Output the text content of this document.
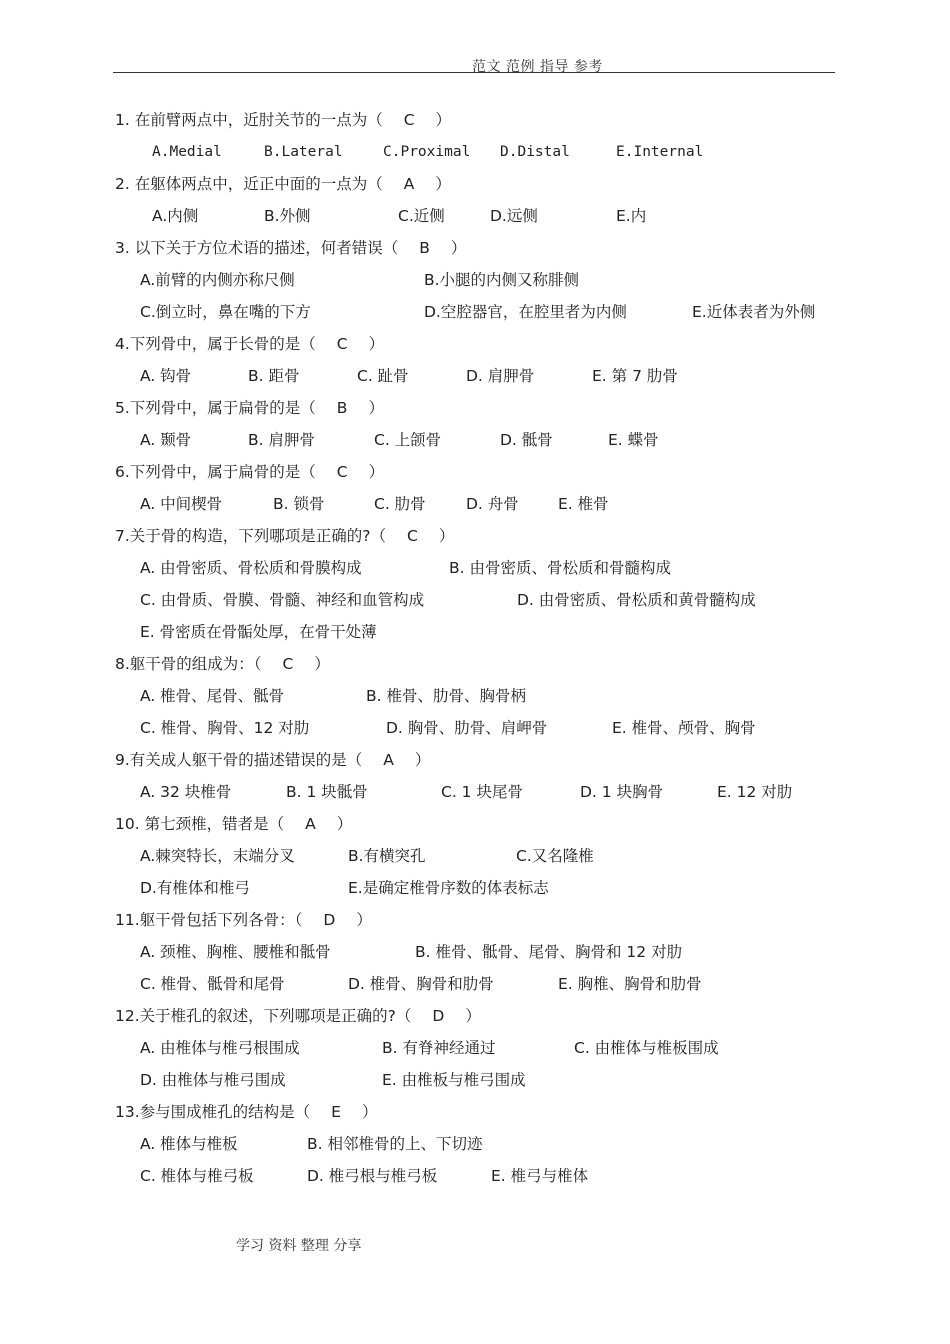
范文 范例 指导 参考
1. 在前臂两点中，近肘关节的一点为（ C ）
A.Medial	B.Lateral	C.Proximal D.Distal	E.Internal
2. 在躯体两点中，近正中面的一点为（ A ）
A.内侧	B.外侧	C.近侧	D.远侧	E.内
3. 以下关于方位术语的描述，何者错误（ B ）
A.前臂的内侧亦称尺侧	B.小腿的内侧又称腓侧
C.倒立时，鼻在嘴的下方	D.空腔器官，在腔里者为内侧	E.近体表者为外侧
4.下列骨中，属于长骨的是（ C ）
A. 钩骨	B. 距骨	C. 趾骨	D. 肩胛骨	E. 第 7 肋骨
5.下列骨中，属于扁骨的是（ B ）
A. 颞骨	B. 肩胛骨	C. 上颌骨	D. 骶骨	E. 蝶骨
6.下列骨中，属于扁骨的是（ C ）
A. 中间楔骨	B. 锁骨	C. 肋骨	D. 舟骨	E. 椎骨
7.关于骨的构造，下列哪项是正确的?（ C ）
A. 由骨密质、骨松质和骨膜构成	B. 由骨密质、骨松质和骨髓构成
C. 由骨质、骨膜、骨髓、神经和血管构成	D. 由骨密质、骨松质和黄骨髓构成
E. 骨密质在骨骺处厚，在骨干处薄
8.躯干骨的组成为：（ C ）
A. 椎骨、尾骨、骶骨	B. 椎骨、肋骨、胸骨柄
C. 椎骨、胸骨、12 对肋	D. 胸骨、肋骨、肩岬骨	E. 椎骨、颅骨、胸骨
9.有关成人躯干骨的描述错误的是（ A ）
A. 32 块椎骨	B. 1 块骶骨	C. 1 块尾骨	D. 1 块胸骨	E. 12 对肋
10. 第七颈椎，错者是（ A ）
A.棘突特长，末端分叉	B.有横突孔	C.又名隆椎
D.有椎体和椎弓	E.是确定椎骨序数的体表标志
11.躯干骨包括下列各骨：（ D ）
A. 颈椎、胸椎、腰椎和骶骨	B. 椎骨、骶骨、尾骨、胸骨和 12 对肋
C. 椎骨、骶骨和尾骨	D. 椎骨、胸骨和肋骨	E. 胸椎、胸骨和肋骨
12.关于椎孔的叙述，下列哪项是正确的?（ D ）
A. 由椎体与椎弓根围成	B. 有脊神经通过	C. 由椎体与椎板围成
D. 由椎体与椎弓围成	E. 由椎板与椎弓围成
13.参与围成椎孔的结构是（ E ）
A. 椎体与椎板	B. 相邻椎骨的上、下切迹
C. 椎体与椎弓板	D. 椎弓根与椎弓板	E. 椎弓与椎体
学习 资料 整理 分享
